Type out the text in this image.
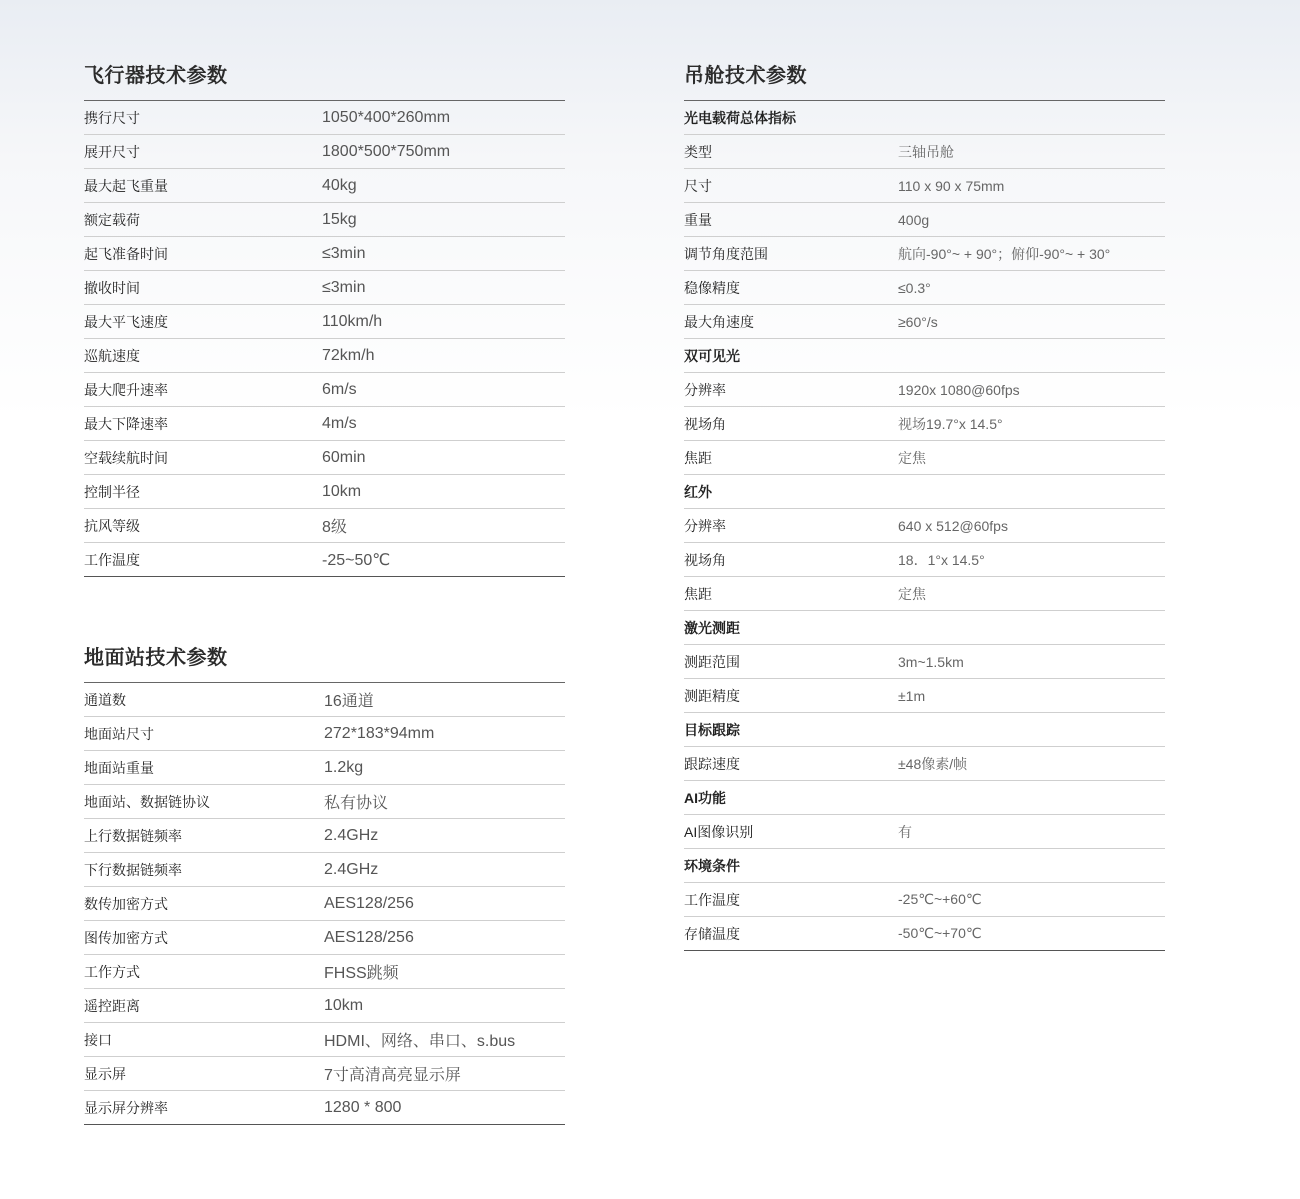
飞行器技术参数
携行尺寸	1050*400*260mm
展开尺寸	1800*500*750mm
最大起飞重量	40kg
额定载荷	15kg
起飞准备时间	≤3min
撤收时间	≤3min
最大平飞速度	110km/h
巡航速度	72km/h
最大爬升速率	6m/s
最大下降速率	4m/s
空载续航时间	60min
控制半径	10km
抗风等级	8级
工作温度	-25~50℃
地面站技术参数
通道数	16通道
地面站尺寸	272*183*94mm
地面站重量	1.2kg
地面站、数据链协议	私有协议
上行数据链频率	2.4GHz
下行数据链频率	2.4GHz
数传加密方式	AES128/256
图传加密方式	AES128/256
工作方式	FHSS跳频
遥控距离	10km
接口	HDMI、网络、串口、s.bus
显示屏	7寸高清高亮显示屏
显示屏分辨率	1280 * 800
吊舱技术参数
光电载荷总体指标
类型	三轴吊舱
尺寸	110 x 90 x 75mm
重量	400g
调节角度范围	航向-90°~ + 90°；俯仰-90°~ + 30°
稳像精度	≤0.3°
最大角速度	≥60°/s
双可见光
分辨率	1920x 1080@60fps
视场角	视场19.7°x 14.5°
焦距	定焦
红外
分辨率	640 x 512@60fps
视场角	18．1°x 14.5°
焦距	定焦
激光测距
测距范围	3m~1.5km
测距精度	±1m
目标跟踪
跟踪速度	±48像素/帧
AI功能
AI图像识别	有
环境条件
工作温度	-25℃~+60℃
存储温度	-50℃~+70℃
